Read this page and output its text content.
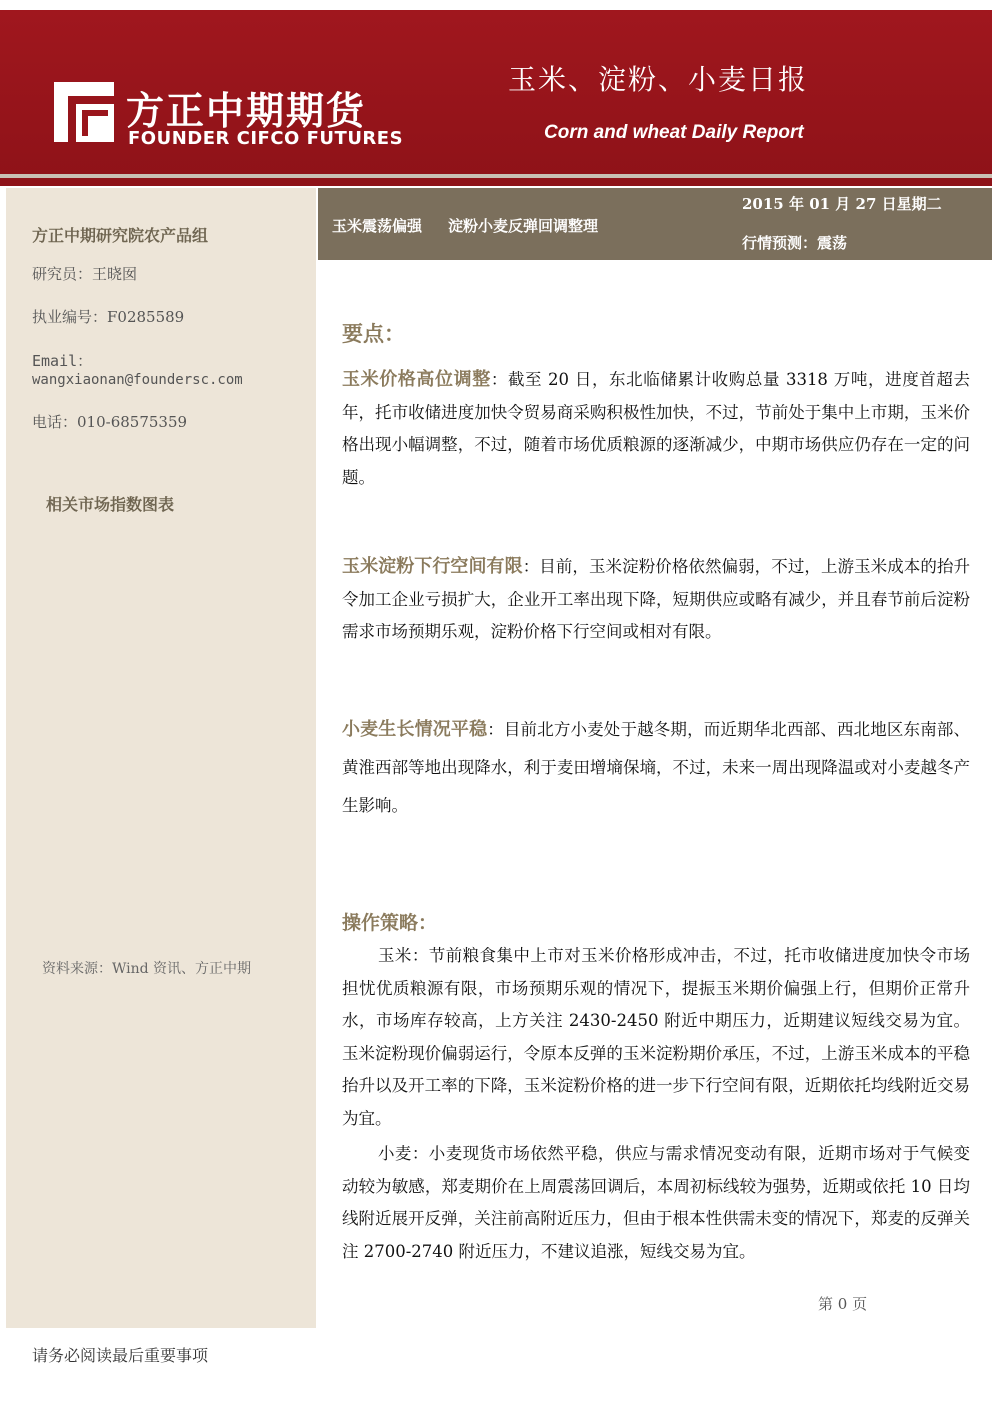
方正中期期货
FOUNDER CIFCO FUTURES
玉米、淀粉、小麦日报
Corn and wheat Daily Report
方正中期研究院农产品组
研究员：王晓囡
执业编号：F0285589
Email：
wangxiaonan@foundersc.com
电话：010-68575359
相关市场指数图表
资料来源：Wind 资讯、方正中期
玉米震荡偏强 淀粉小麦反弹回调整理
2015 年 01 月 27 日星期二
行情预测：震荡
要点：
玉米价格高位调整：截至 20 日，东北临储累计收购总量 3318 万吨，进度首超去年，托市收储进度加快令贸易商采购积极性加快，不过，节前处于集中上市期，玉米价格出现小幅调整，不过，随着市场优质粮源的逐渐减少，中期市场供应仍存在一定的问题。
玉米淀粉下行空间有限：目前，玉米淀粉价格依然偏弱，不过，上游玉米成本的抬升令加工企业亏损扩大，企业开工率出现下降，短期供应或略有减少，并且春节前后淀粉需求市场预期乐观，淀粉价格下行空间或相对有限。
小麦生长情况平稳：目前北方小麦处于越冬期，而近期华北西部、西北地区东南部、黄淮西部等地出现降水，利于麦田增墒保墒，不过，未来一周出现降温或对小麦越冬产生影响。
操作策略：
玉米：节前粮食集中上市对玉米价格形成冲击，不过，托市收储进度加快令市场担忧优质粮源有限，市场预期乐观的情况下，提振玉米期价偏强上行，但期价正常升水，市场库存较高，上方关注 2430-2450 附近中期压力，近期建议短线交易为宜。玉米淀粉现价偏弱运行，令原本反弹的玉米淀粉期价承压，不过，上游玉米成本的平稳抬升以及开工率的下降，玉米淀粉价格的进一步下行空间有限，近期依托均线附近交易为宜。
小麦：小麦现货市场依然平稳，供应与需求情况变动有限，近期市场对于气候变动较为敏感，郑麦期价在上周震荡回调后，本周初标线较为强势，近期或依托 10 日均线附近展开反弹，关注前高附近压力，但由于根本性供需未变的情况下，郑麦的反弹关注 2700-2740 附近压力，不建议追涨，短线交易为宜。
第 0 页
请务必阅读最后重要事项
